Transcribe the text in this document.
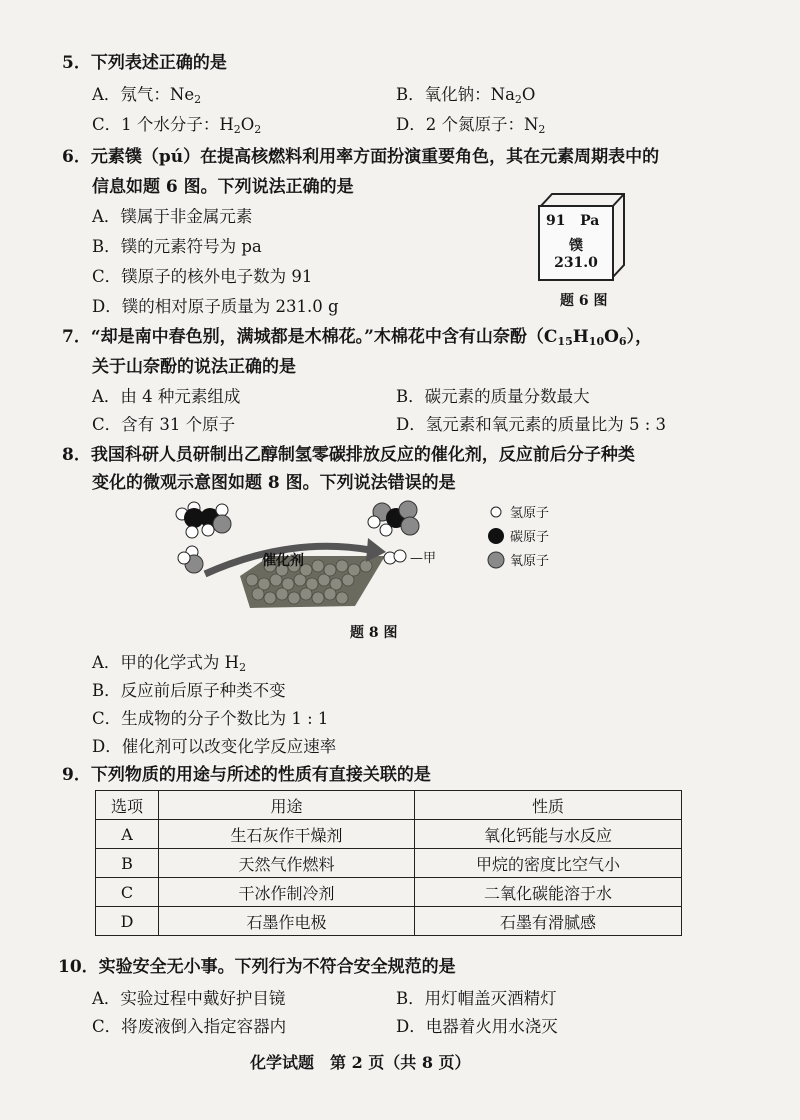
5．下列表述正确的是
A．氖气：$Ne_2$	B．氧化钠：$Na_2O$
C．1 个水分子：$H_2O_2$	D．2 个氮原子：$N_2$
6．元素镤（pú）在提高核燃料利用率方面扮演重要角色，其在元素周期表中的
信息如题 6 图。下列说法正确的是
A．镤属于非金属元素
B．镤的元素符号为 pa
C．镤原子的核外电子数为 91
D．镤的相对原子质量为 231.0 g
91 Pa
镤
231.0
题 6 图
7．“却是南中春色别，满城都是木棉花。”木棉花中含有山奈酚$(C_{15}H_{10}O_6)$，
关于山奈酚的说法正确的是
A．由 4 种元素组成	B．碳元素的质量分数最大
C．含有 31 个原子	D．氢元素和氧元素的质量比为 5 : 3
8．我国科研人员研制出乙醇制氢零碳排放反应的催化剂，反应前后分子种类
变化的微观示意图如题 8 图。下列说法错误的是
催化剂	—甲
氢原子
碳原子
氧原子
题 8 图
A．甲的化学式为 $H_2$
B．反应前后原子种类不变
C．生成物的分子个数比为 1 : 1
D．催化剂可以改变化学反应速率
9．下列物质的用途与所述的性质有直接关联的是
选项	用途	性质
A	生石灰作干燥剂	氧化钙能与水反应
B	天然气作燃料	甲烷的密度比空气小
C	干冰作制冷剂	二氧化碳能溶于水
D	石墨作电极	石墨有滑腻感
10．实验安全无小事。下列行为不符合安全规范的是
A．实验过程中戴好护目镜	B．用灯帽盖灭酒精灯
C．将废液倒入指定容器内	D．电器着火用水浇灭
化学试题　第 2 页（共 8 页）
